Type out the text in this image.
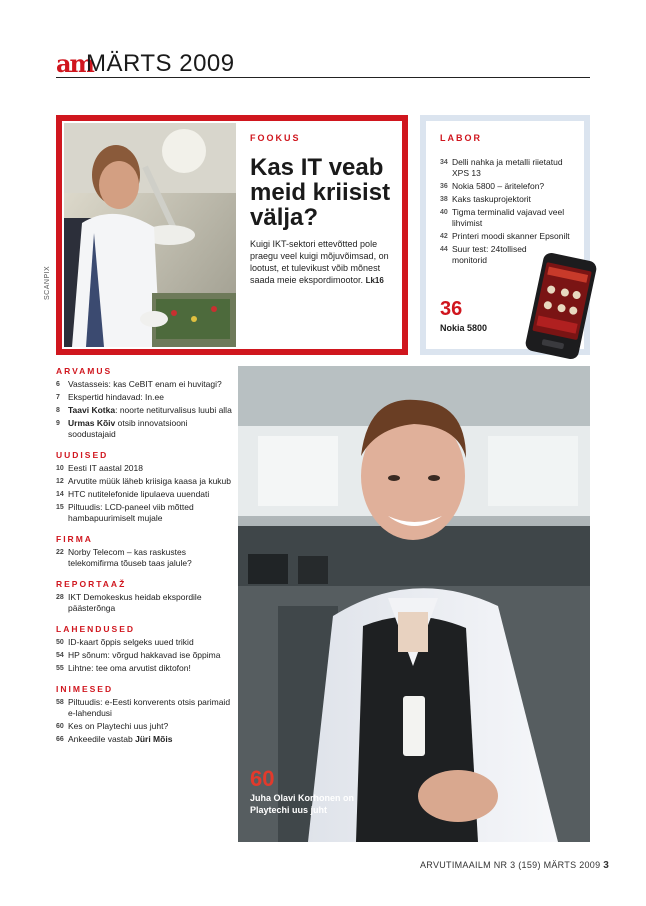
am
MÄRTS 2009
FOOKUS
Kas IT veab meid kriisist välja?

Kuigi IKT-sektori ettevõtted pole praegu veel kuigi mõjuvõimsad, on lootust, et tulevikust võib mõnest saada meie ekspordimootor. Lk16

SCANPIX
LABOR
34 Delli nahka ja metalli riietatud XPS 13
36 Nokia 5800 – äritelefon?
38 Kaks taskuprojektorit
40 Tigma terminalid vajavad veel lihvimist
42 Printeri moodi skanner Epsonilt
44 Suur test: 24tollised monitorid
36
Nokia 5800
ARVAMUS
6 Vastasseis: kas CeBIT enam ei huvitagi?
7 Ekspertid hindavad: In.ee
8 Taavi Kotka: noorte netiturvalisus luubi alla
9 Urmas Kõiv otsib innovatsiooni soodustajaid
UUDISED
10 Eesti IT aastal 2018
12 Arvutite müük läheb kriisiga kaasa ja kukub
14 HTC nutitelefonide lipulaeva uuendati
15 Piltuudis: LCD-paneel viib mõtted hambapuurimiselt mujale
FIRMA
22 Norby Telecom – kas raskustes telekomifirma tõuseb taas jalule?
REPORTAAŽ
28 IKT Demokeskus heidab ekspordile päästerõnga
LAHENDUSED
50 ID-kaart õppis selgeks uued trikid
54 HP sõnum: võrgud hakkavad ise õppima
55 Lihtne: tee oma arvutist diktofon!
INIMESED
58 Piltuudis: e-Eesti konverents otsis parimaid e-lahendusi
60 Kes on Playtechi uus juht?
66 Ankeedile vastab Jüri Mõis
60
Juha Olavi Korhonen on Playtechi uus juht
ARVUTIMAAILM NR 3 (159) MÄRTS 2009 3
